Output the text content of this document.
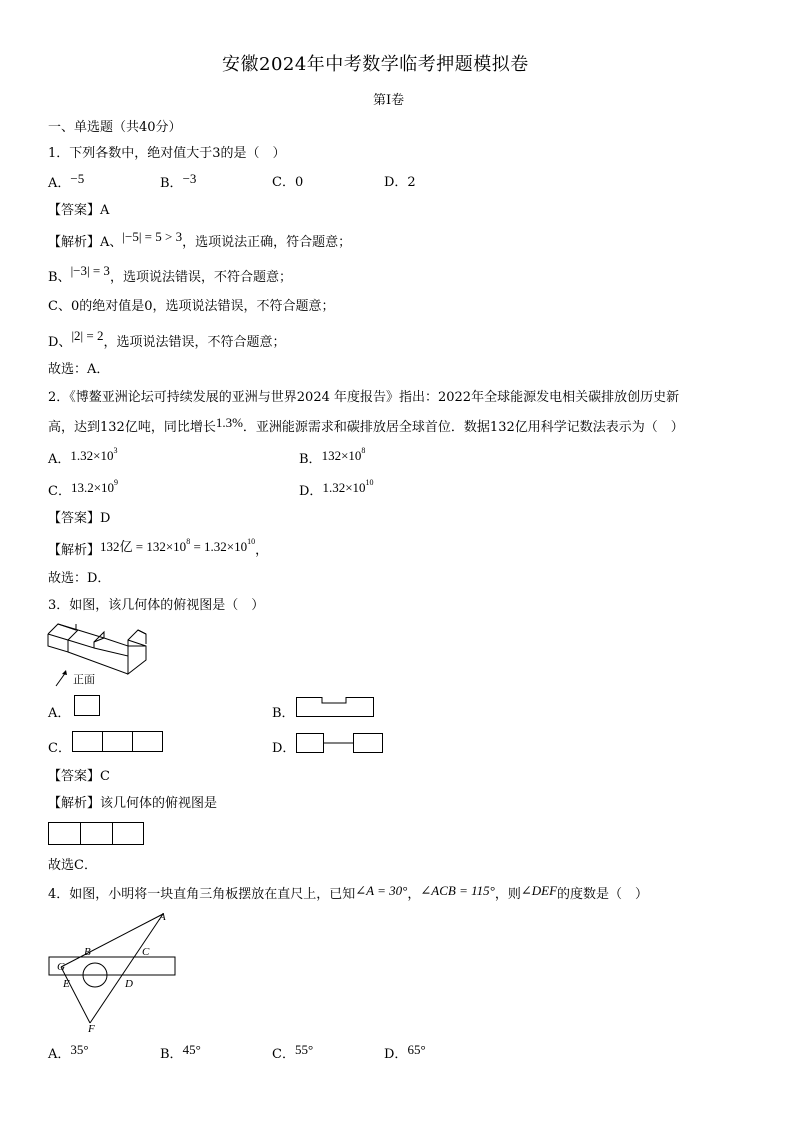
安徽2024年中考数学临考押题模拟卷
第I卷
一、单选题（共40分）
1．下列各数中，绝对值大于3的是（　）
A．−5	B．−3	C．0	D．2
【答案】A
【解析】A、|−5| = 5 > 3，选项说法正确，符合题意；
B、|−3| = 3，选项说法错误，不符合题意；
C、0的绝对值是0，选项说法错误，不符合题意；
D、|2| = 2，选项说法错误，不符合题意；
故选：A．
2．《博鳌亚洲论坛可持续发展的亚洲与世界2024 年度报告》指出：2022年全球能源发电相关碳排放创历史新
高，达到132亿吨，同比增长1.3%．亚洲能源需求和碳排放居全球首位．数据132亿用科学记数法表示为（　）
A．$1.32\times 10^3$
B．$132\times 10^8$
C．$13.2\times 10^9$
D．$1.32\times 10^{10}$
【答案】D
【解析】132亿 = $132\times 10^8 = 1.32\times 10^{10}$，
故选：D．
3．如图，该几何体的俯视图是（　）
正面
A．	B．
C．	D．
【答案】C
【解析】该几何体的俯视图是
故选C．
4．如图，小明将一块直角三角板摆放在直尺上，已知∠A = 30°，∠ACB = 115°，则∠DEF的度数是（　）
A
B	C
G
E	D
F
A．35°	B．45°	C．55°	D．65°
